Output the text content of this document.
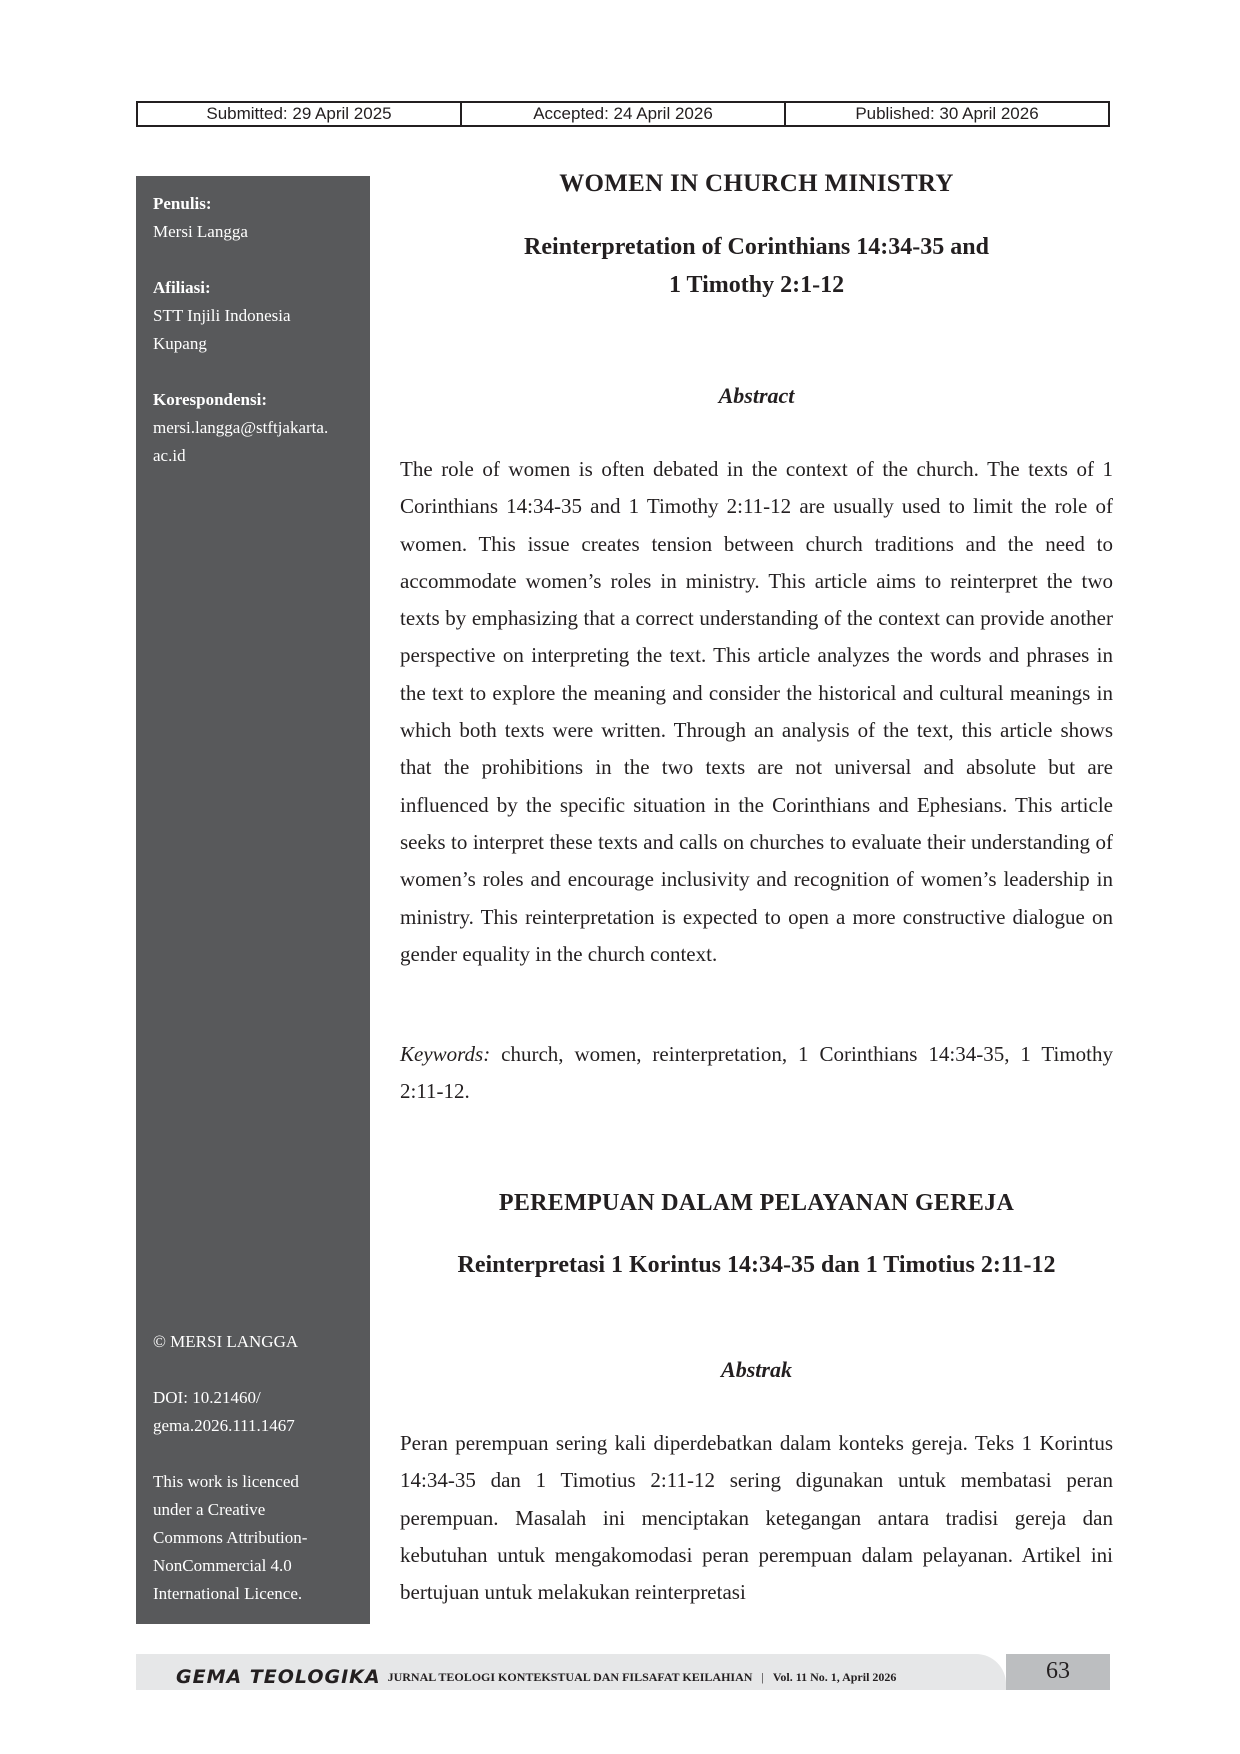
Submitted: 29 April 2025	Accepted: 24 April 2026	Published: 30 April 2026
Penulis:
Mersi Langga
Afiliasi:
STT Injili Indonesia
Kupang
Korespondensi:
mersi.langga@stftjakarta.
ac.id
© MERSI LANGGA
DOI: 10.21460/
gema.2026.111.1467
This work is licenced
under a Creative
Commons Attribution-
NonCommercial 4.0
International Licence.
WOMEN IN CHURCH MINISTRY
Reinterpretation of Corinthians 14:34-35 and
1 Timothy 2:1-12
Abstract

The role of women is often debated in the context of the church. The texts of 1 Corinthians 14:34-35 and 1 Timothy 2:11-12 are usually used to limit the role of women. This issue creates tension between church traditions and the need to accommodate women’s roles in ministry. This article aims to reinterpret the two texts by emphasizing that a correct understanding of the context can provide another perspective on interpreting the text. This article analyzes the words and phrases in the text to explore the meaning and consider the historical and cultural meanings in which both texts were written. Through an analysis of the text, this article shows that the prohibitions in the two texts are not universal and absolute but are influenced by the specific situation in the Corinthians and Ephesians. This article seeks to interpret these texts and calls on churches to evaluate their understanding of women’s roles and encourage inclusivity and recognition of women’s leadership in ministry. This reinterpretation is expected to open a more constructive dialogue on gender equality in the church context.

Keywords: church, women, reinterpretation, 1 Corinthians 14:34-35, 1 Timothy 2:11-12.

PEREMPUAN DALAM PELAYANAN GEREJA
Reinterpretasi 1 Korintus 14:34-35 dan 1 Timotius 2:11-12
Abstrak

Peran perempuan sering kali diperdebatkan dalam konteks gereja. Teks 1 Korintus 14:34-35 dan 1 Timotius 2:11-12 sering digunakan untuk membatasi peran perempuan. Masalah ini menciptakan ketegangan antara tradisi gereja dan kebutuhan untuk mengakomodasi peran perempuan dalam pelayanan. Artikel ini bertujuan untuk melakukan reinterpretasi

GEMA TEOLOGIKA JURNAL TEOLOGI KONTEKSTUAL DAN FILSAFAT KEILAHIAN | Vol. 11 No. 1, April 2026	63
